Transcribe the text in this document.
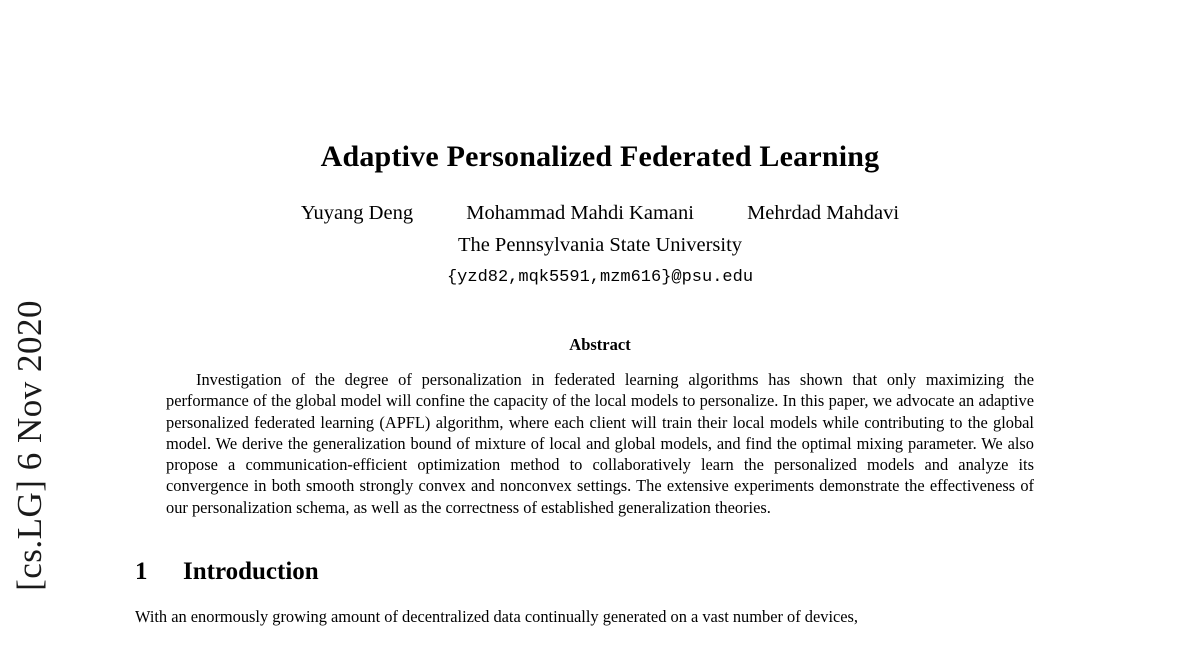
[cs.LG] 6 Nov 2020
Adaptive Personalized Federated Learning
Yuyang Deng	Mohammad Mahdi Kamani	Mehrdad Mahdavi
The Pennsylvania State University
{yzd82,mqk5591,mzm616}@psu.edu
Abstract
Investigation of the degree of personalization in federated learning algorithms has shown that only maximizing the performance of the global model will confine the capacity of the local models to personalize. In this paper, we advocate an adaptive personalized federated learning (APFL) algorithm, where each client will train their local models while contributing to the global model. We derive the generalization bound of mixture of local and global models, and find the optimal mixing parameter. We also propose a communication-efficient optimization method to collaboratively learn the personalized models and analyze its convergence in both smooth strongly convex and nonconvex settings. The extensive experiments demonstrate the effectiveness of our personalization schema, as well as the correctness of established generalization theories.
1	Introduction
With an enormously growing amount of decentralized data continually generated on a vast number of devices,
